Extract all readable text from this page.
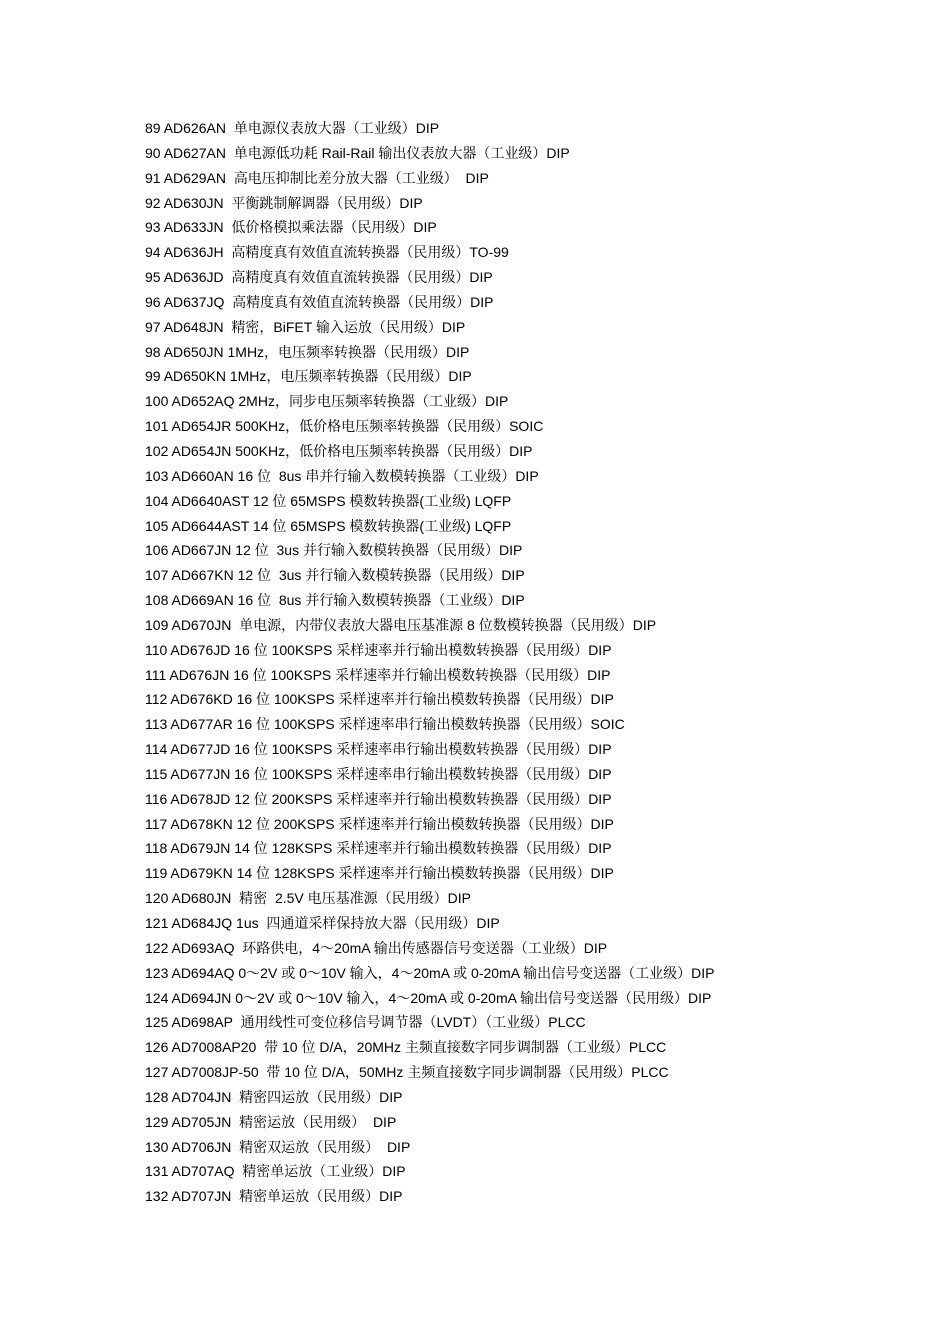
89 AD626AN  单电源仪表放大器（工业级）DIP
90 AD627AN  单电源低功耗 Rail-Rail 输出仪表放大器（工业级）DIP
91 AD629AN  高电压抑制比差分放大器（工业级）  DIP
92 AD630JN  平衡跳制解调器（民用级）DIP
93 AD633JN  低价格模拟乘法器（民用级）DIP
94 AD636JH  高精度真有效值直流转换器（民用级）TO-99
95 AD636JD  高精度真有效值直流转换器（民用级）DIP
96 AD637JQ  高精度真有效值直流转换器（民用级）DIP
97 AD648JN  精密，BiFET 输入运放（民用级）DIP
98 AD650JN 1MHz，电压频率转换器（民用级）DIP
99 AD650KN 1MHz，电压频率转换器（民用级）DIP
100 AD652AQ 2MHz，同步电压频率转换器（工业级）DIP
101 AD654JR 500KHz，低价格电压频率转换器（民用级）SOIC
102 AD654JN 500KHz，低价格电压频率转换器（民用级）DIP
103 AD660AN 16 位  8us 串并行输入数模转换器（工业级）DIP
104 AD6640AST 12 位 65MSPS 模数转换器(工业级) LQFP
105 AD6644AST 14 位 65MSPS 模数转换器(工业级) LQFP
106 AD667JN 12 位  3us 并行输入数模转换器（民用级）DIP
107 AD667KN 12 位  3us 并行输入数模转换器（民用级）DIP
108 AD669AN 16 位  8us 并行输入数模转换器（工业级）DIP
109 AD670JN  单电源，内带仪表放大器电压基准源 8 位数模转换器（民用级）DIP
110 AD676JD 16 位 100KSPS 采样速率并行输出模数转换器（民用级）DIP
111 AD676JN 16 位 100KSPS 采样速率并行输出模数转换器（民用级）DIP
112 AD676KD 16 位 100KSPS 采样速率并行输出模数转换器（民用级）DIP
113 AD677AR 16 位 100KSPS 采样速率串行输出模数转换器（民用级）SOIC
114 AD677JD 16 位 100KSPS 采样速率串行输出模数转换器（民用级）DIP
115 AD677JN 16 位 100KSPS 采样速率串行输出模数转换器（民用级）DIP
116 AD678JD 12 位 200KSPS 采样速率并行输出模数转换器（民用级）DIP
117 AD678KN 12 位 200KSPS 采样速率并行输出模数转换器（民用级）DIP
118 AD679JN 14 位 128KSPS 采样速率并行输出模数转换器（民用级）DIP
119 AD679KN 14 位 128KSPS 采样速率并行输出模数转换器（民用级）DIP
120 AD680JN  精密  2.5V 电压基准源（民用级）DIP
121 AD684JQ 1us  四通道采样保持放大器（民用级）DIP
122 AD693AQ  环路供电，4～20mA 输出传感器信号变送器（工业级）DIP
123 AD694AQ 0～2V 或 0～10V 输入，4～20mA 或 0-20mA 输出信号变送器（工业级）DIP
124 AD694JN 0～2V 或 0～10V 输入，4～20mA 或 0-20mA 输出信号变送器（民用级）DIP
125 AD698AP  通用线性可变位移信号调节器（LVDT）（工业级）PLCC
126 AD7008AP20  带 10 位 D/A，20MHz 主频直接数字同步调制器（工业级）PLCC
127 AD7008JP-50  带 10 位 D/A，50MHz 主频直接数字同步调制器（民用级）PLCC
128 AD704JN  精密四运放（民用级）DIP
129 AD705JN  精密运放（民用级）  DIP
130 AD706JN  精密双运放（民用级）  DIP
131 AD707AQ  精密单运放（工业级）DIP
132 AD707JN  精密单运放（民用级）DIP
